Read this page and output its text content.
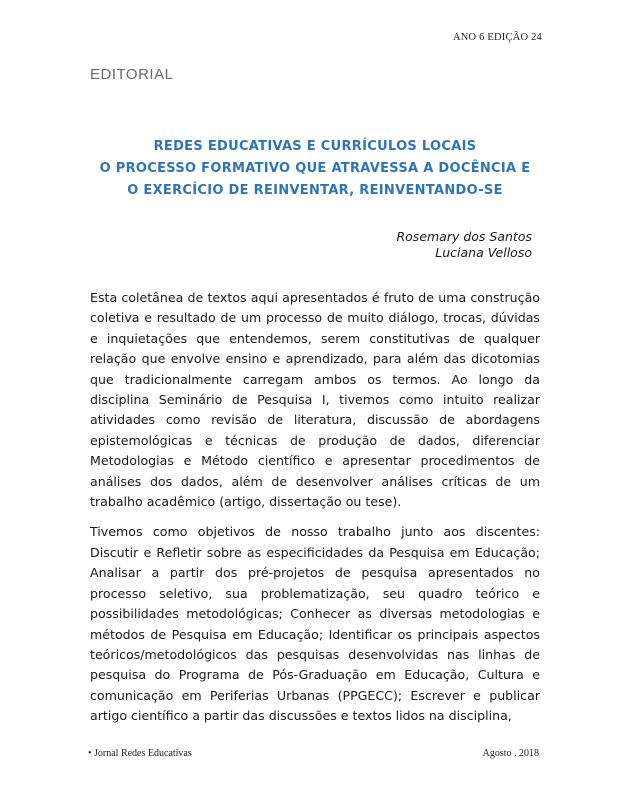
ANO 6 EDIÇÃO 24
EDITORIAL
REDES EDUCATIVAS E CURRÍCULOS LOCAIS
O PROCESSO FORMATIVO QUE ATRAVESSA A DOCÊNCIA E
O EXERCÍCIO DE REINVENTAR, REINVENTANDO-SE
Rosemary dos Santos
Luciana Velloso

Esta coletânea de textos aqui apresentados é fruto de uma construção coletiva e resultado de um processo de muito diálogo, trocas, dúvidas e inquietações que entendemos, serem constitutivas de qualquer relação que envolve ensino e aprendizado, para além das dicotomias que tradicionalmente carregam ambos os termos. Ao longo da disciplina Seminário de Pesquisa I, tivemos como intuito realizar atividades como revisão de literatura, discussão de abordagens epistemológicas e técnicas de produção de dados, diferenciar Metodologias e Método científico e apresentar procedimentos de análises dos dados, além de desenvolver análises críticas de um trabalho acadêmico (artigo, dissertação ou tese).

Tivemos como objetivos de nosso trabalho junto aos discentes: Discutir e Refletir sobre as especificidades da Pesquisa em Educação; Analisar a partir dos pré-projetos de pesquisa apresentados no processo seletivo, sua problematização, seu quadro teórico e possibilidades metodológicas; Conhecer as diversas metodologias e métodos de Pesquisa em Educação; Identificar os principais aspectos teóricos/metodológicos das pesquisas desenvolvidas nas linhas de pesquisa do Programa de Pós-Graduação em Educação, Cultura e comunicação em Periferias Urbanas (PPGECC); Escrever e publicar artigo científico a partir das discussões e textos lidos na disciplina,

• Jornal Redes Educativas	Agosto . 2018
